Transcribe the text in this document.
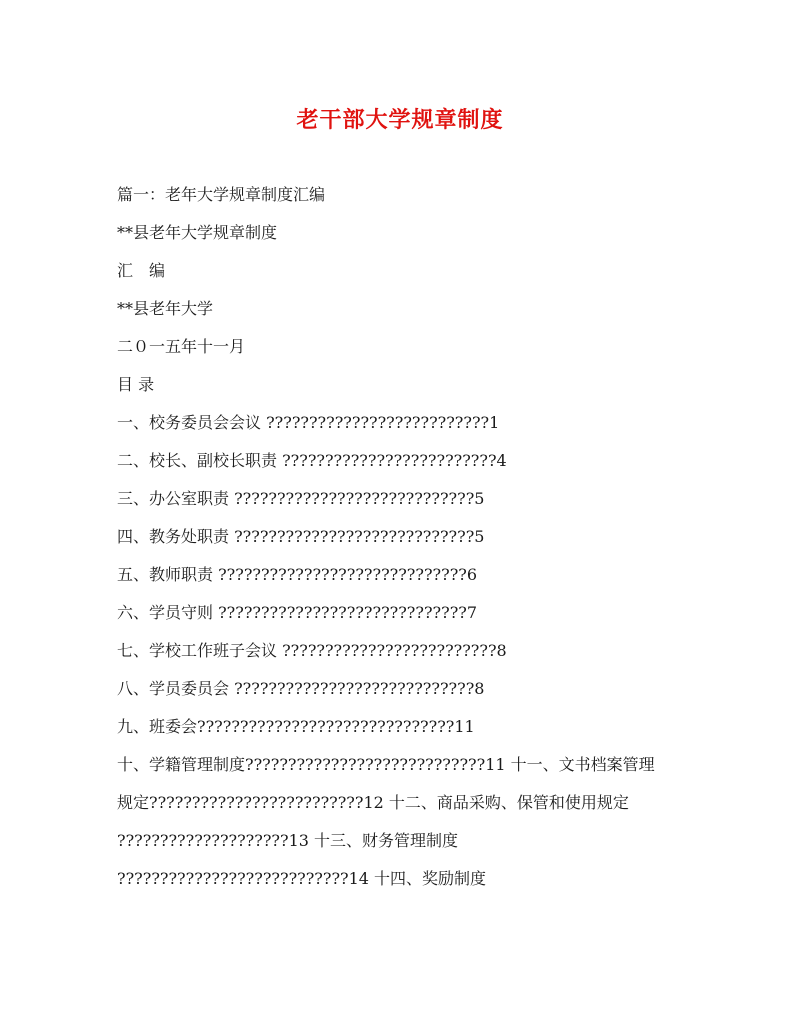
老干部大学规章制度
篇一：老年大学规章制度汇编
**县老年大学规章制度
汇　编
**县老年大学
二０一五年十一月
目 录
一、校务委员会会议 ??????????????????????????1
二、校长、副校长职责 ?????????????????????????4
三、办公室职责 ????????????????????????????5
四、教务处职责 ????????????????????????????5
五、教师职责 ?????????????????????????????6
六、学员守则 ?????????????????????????????7
七、学校工作班子会议 ?????????????????????????8
八、学员委员会 ????????????????????????????8
九、班委会??????????????????????????????11
十、学籍管理制度????????????????????????????11 十一、文书档案管理
规定?????????????????????????12 十二、商品采购、保管和使用规定
????????????????????13 十三、财务管理制度
???????????????????????????14 十四、奖励制度
